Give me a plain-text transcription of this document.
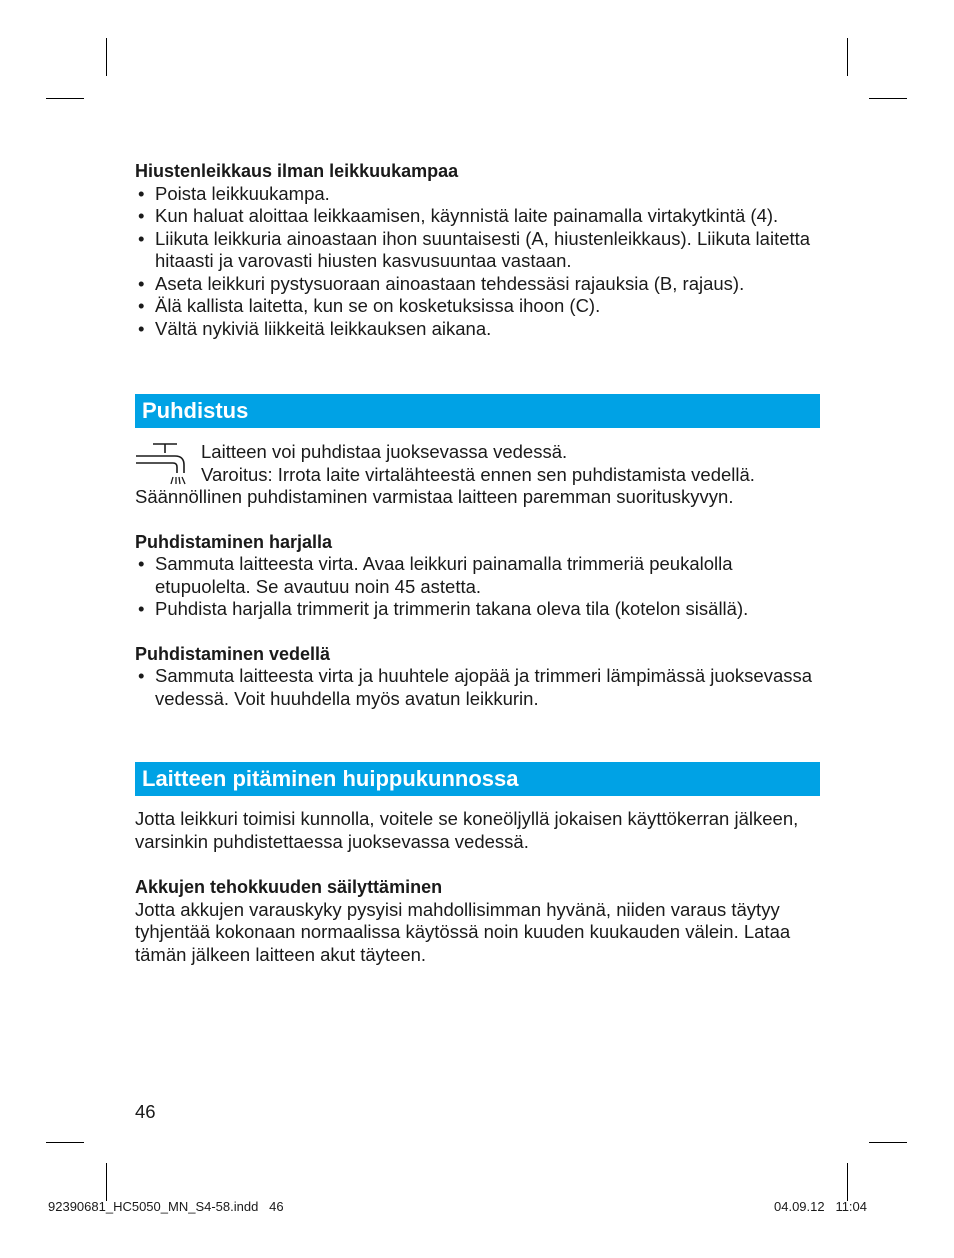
Hiustenleikkaus ilman leikkuukampaa
• Poista leikkuukampa.
• Kun haluat aloittaa leikkaamisen, käynnistä laite painamalla virtakytkintä (4).
• Liikuta leikkuria ainoastaan ihon suuntaisesti (A, hiustenleikkaus). Liikuta laitetta hitaasti ja varovasti hiusten kasvusuuntaa vastaan.
• Aseta leikkuri pystysuoraan ainoastaan tehdessäsi rajauksia (B, rajaus).
• Älä kallista laitetta, kun se on kosketuksissa ihoon (C).
• Vältä nykiviä liikkeitä leikkauksen aikana.
Puhdistus

Laitteen voi puhdistaa juoksevassa vedessä.

Varoitus: Irrota laite virtalähteestä ennen sen puhdistamista vedellä.

Säännöllinen puhdistaminen varmistaa laitteen paremman suorituskyvyn.

Puhdistaminen harjalla
• Sammuta laitteesta virta. Avaa leikkuri painamalla trimmeriä peukalolla etupuolelta. Se avautuu noin 45 astetta.
• Puhdista harjalla trimmerit ja trimmerin takana oleva tila (kotelon sisällä).
Puhdistaminen vedellä
• Sammuta laitteesta virta ja huuhtele ajopää ja trimmeri lämpimässä juoksevassa vedessä. Voit huuhdella myös avatun leikkurin.
Laitteen pitäminen huippukunnossa

Jotta leikkuri toimisi kunnolla, voitele se koneöljyllä jokaisen käyttökerran jälkeen, varsinkin puhdistettaessa juoksevassa vedessä.

Akkujen tehokkuuden säilyttäminen

Jotta akkujen varauskyky pysyisi mahdollisimman hyvänä, niiden varaus täytyy tyhjentää kokonaan normaalissa käytössä noin kuuden kuukauden välein. Lataa tämän jälkeen laitteen akut täyteen.

46
92390681_HC5050_MN_S4-58.indd   46	04.09.12   11:04
